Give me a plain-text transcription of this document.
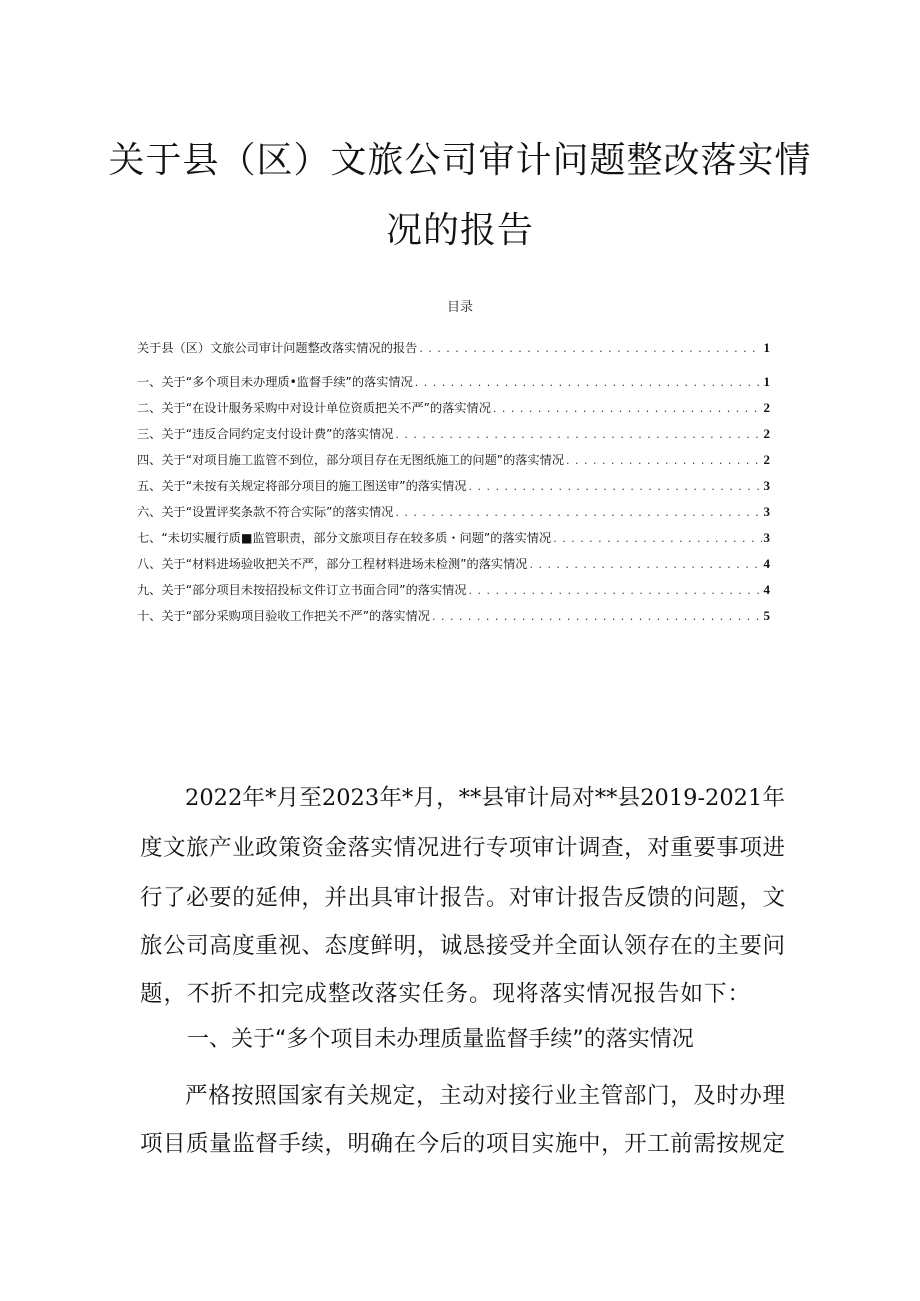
关于县（区）文旅公司审计问题整改落实情
况的报告
目录
关于县（区）文旅公司审计问题整改落实情况的报告 . . .	1
一、关于“多个项目未办理质•监督手续”的落实情况 . . .	1
二、关于“在设计服务采购中对设计单位资质把关不严”的落实情况 . . .	2
三、关于“违反合同约定支付设计费”的落实情况 . . .	2
四、关于“对项目施工监管不到位，部分项目存在无图纸施工的问题”的落实情况 . . .	2
五、关于“未按有关规定将部分项目的施工图送审”的落实情况 . . .	3
六、关于“设置评奖条款不符合实际”的落实情况 . . .	3
七、“未切实履行质■监管职责，部分文旅项目存在较多质・问题”的落实情况 . . .	3
八、关于“材料进场验收把关不严，部分工程材料进场未检测”的落实情况 . . .	4
九、关于“部分项目未按招投标文件订立书面合同”的落实情况 . . .	4
十、关于“部分采购项目验收工作把关不严”的落实情况 . . .	5
2022年*月至2023年*月，**县审计局对**县2019-2021年
度文旅产业政策资金落实情况进行专项审计调查，对重要事项进
行了必要的延伸，并出具审计报告。对审计报告反馈的问题，文
旅公司高度重视、态度鲜明，诚恳接受并全面认领存在的主要问
题，不折不扣完成整改落实任务。现将落实情况报告如下：
严格按照国家有关规定，主动对接行业主管部门，及时办理
项目质量监督手续，明确在今后的项目实施中，开工前需按规定
一、关于“多个项目未办理质量监督手续”的落实情况
